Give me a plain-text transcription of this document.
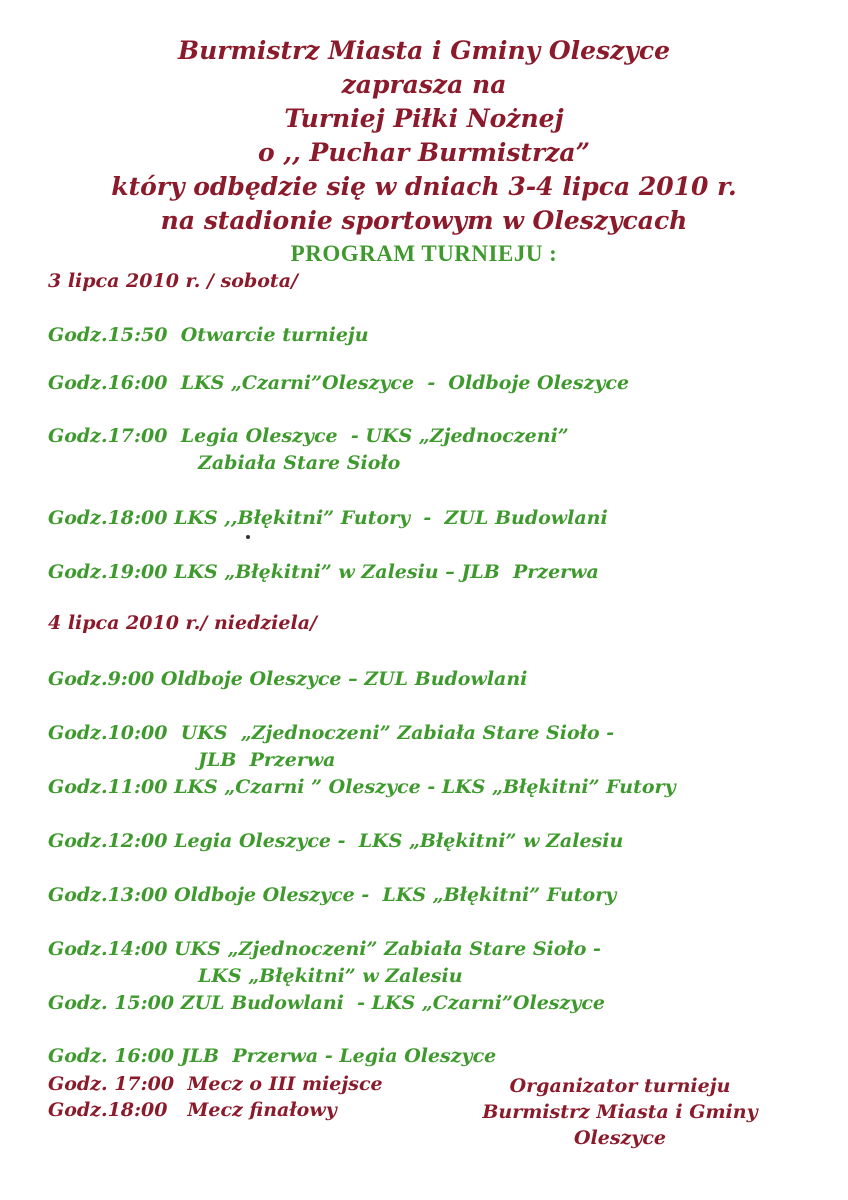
Burmistrz Miasta i Gminy Oleszyce
zaprasza na
Turniej Piłki Nożnej
o ,, Puchar Burmistrza”
który odbędzie się w dniach 3-4 lipca 2010 r.
na stadionie sportowym w Oleszycach
PROGRAM TURNIEJU :
3 lipca 2010 r. / sobota/
Godz.15:50  Otwarcie turnieju
Godz.16:00  LKS „Czarni”Oleszyce  -  Oldboje Oleszyce
Godz.17:00  Legia Oleszyce  - UKS „Zjednoczeni”
Zabiała Stare Sioło
Godz.18:00 LKS ,,Błękitni” Futory  -  ZUL Budowlani
Godz.19:00 LKS „Błękitni” w Zalesiu – JLB  Przerwa
4 lipca 2010 r./ niedziela/
Godz.9:00 Oldboje Oleszyce – ZUL Budowlani
Godz.10:00  UKS  „Zjednoczeni” Zabiała Stare Sioło -
JLB  Przerwa
Godz.11:00 LKS „Czarni ” Oleszyce - LKS „Błękitni” Futory
Godz.12:00 Legia Oleszyce -  LKS „Błękitni” w Zalesiu
Godz.13:00 Oldboje Oleszyce -  LKS „Błękitni” Futory
Godz.14:00 UKS „Zjednoczeni” Zabiała Stare Sioło -
LKS „Błękitni” w Zalesiu
Godz. 15:00 ZUL Budowlani  - LKS „Czarni”Oleszyce
Godz. 16:00 JLB  Przerwa - Legia Oleszyce
Godz. 17:00  Mecz o III miejsce
Godz.18:00   Mecz finałowy
Organizator turnieju
Burmistrz Miasta i Gminy
Oleszyce
